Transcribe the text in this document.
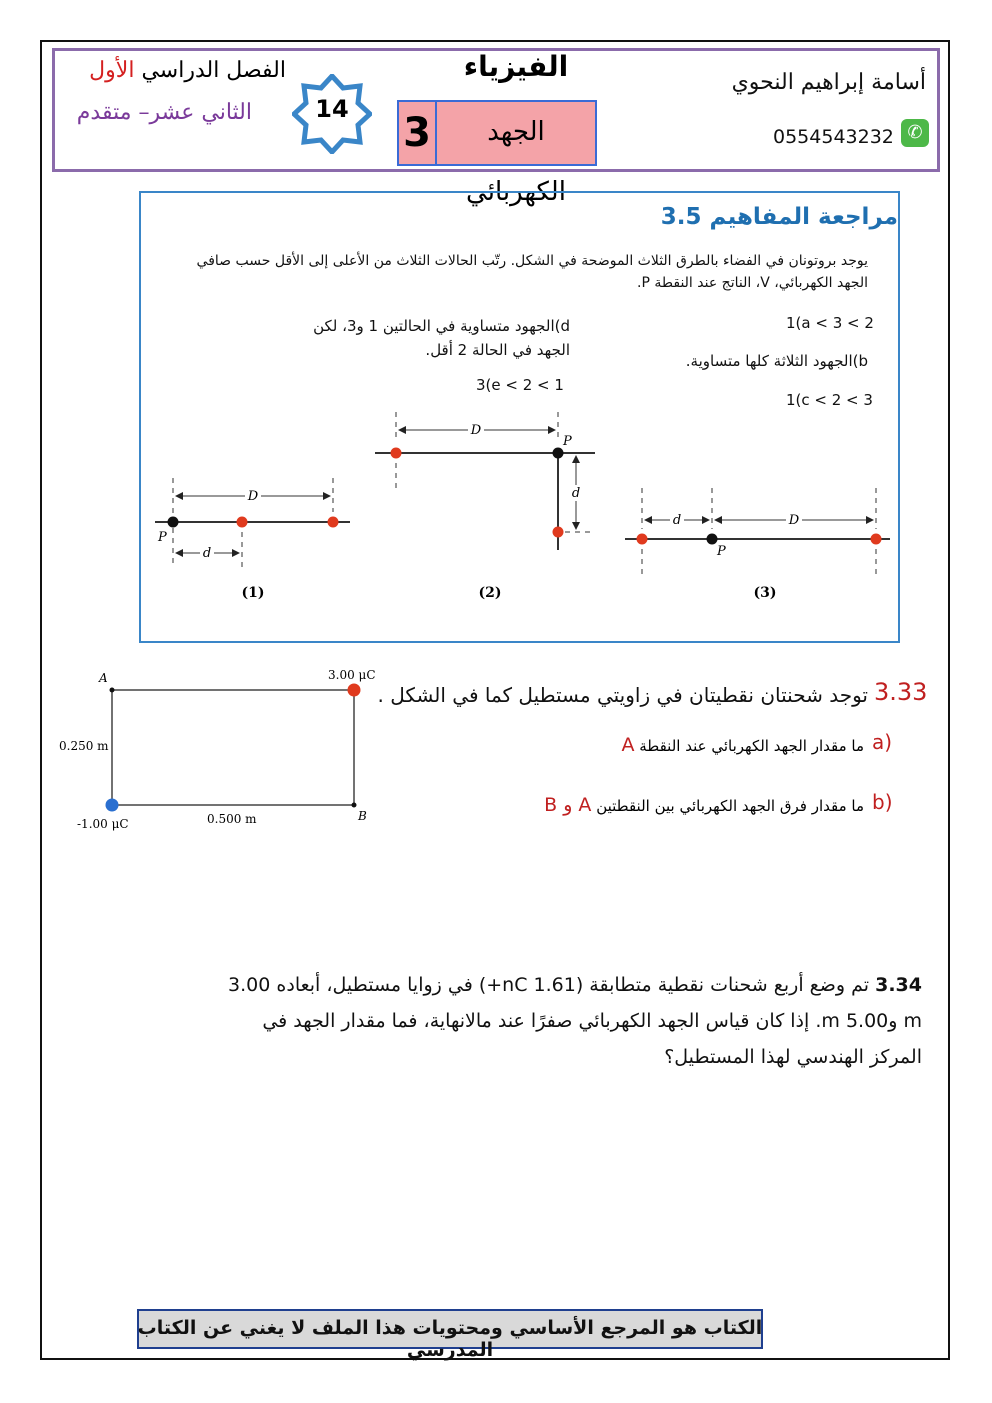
أسامة إبراهيم النحوي
✆
0554543232
الفيزياء
3	الجهد الكهربائي
الفصل الدراسي الأول
الثاني عشر– متقدم	14
مراجعة المفاهيم 3.5
يوجد بروتونان في الفضاء بالطرق الثلاث الموضحة في الشكل. رتّب الحالات الثلاث من الأعلى إلى الأقل حسب صافي الجهد الكهربائي، V، الناتج عند النقطة P.
1(a < 3 < 2
b)الجهود الثلاثة كلها متساوية.
1(c < 2 < 3
d)الجهود متساوية في الحالتين 1 و3، لكن الجهد في الحالة 2 أقل.
3(e < 2 < 1
D
d
P
(1)
D
d
P
(2)
d	D
P
(3)
3.33
توجد شحنتان نقطيتان في زاويتي مستطيل كما في الشكل .
a)
ما مقدار الجهد الكهربائي عند النقطة A
b)
ما مقدار فرق الجهد الكهربائي بين النقطتين A و B
A
B
3.00 μC
-1.00 μC
0.250 m
0.500 m
3.34 تم وضع أربع شحنات نقطية متطابقة (1.61 nC+) في زوايا مستطيل، أبعاده 3.00 m و5.00 m. إذا كان قياس الجهد الكهربائي صفرًا عند مالانهاية، فما مقدار الجهد في المركز الهندسي لهذا المستطيل؟
الكتاب هو المرجع الأساسي ومحتويات هذا الملف لا يغني عن الكتاب المدرسي
